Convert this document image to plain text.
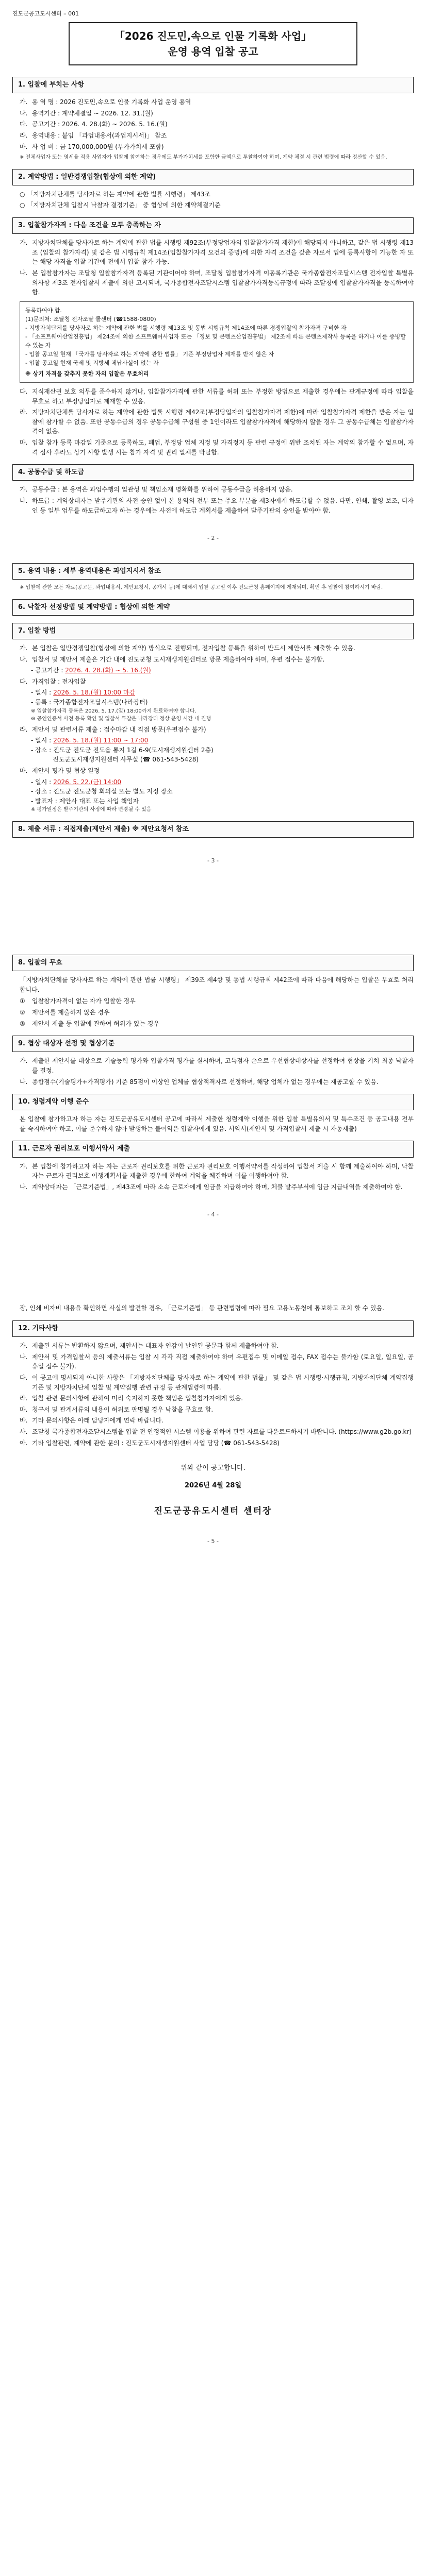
진도군공고도시센터 – 001
「2026 진도민,속으로 인물 기록화 사업」
운영 용역 입찰 공고
1. 입찰에 부치는 사항
가. 용 역 명 : 2026 진도민,속으로 인물 기록화 사업 운영 용역
나. 용역기간 : 계약체결일 ~ 2026. 12. 31.(월)
다. 공고기간 : 2026. 4. 28.(화) ~ 2026. 5. 16.(월)
라. 용역내용 : 붙임 「과업내용서(과업지시서)」 참조
마. 사 업 비 : 금 170,000,000원 (부가가치세 포함)
※ 전체사업자 또는 영세율 적용 사업자가 입찰에 참여하는 경우에도 부가가치세를 포함한 금액으로 투찰하여야 하며, 계약 체결 시 관련 법령에 따라 정산할 수 있음.
2. 계약방법 : 일반경쟁입찰(협상에 의한 계약)
○ 「지방자치단체를 당사자로 하는 계약에 관한 법률 시행령」 제43조
○ 「지방자치단체 입찰시 낙찰자 결정기준」 중 협상에 의한 계약체결기준
3. 입찰참가자격 : 다음 조건을 모두 충족하는 자
가. 지방자치단체를 당사자로 하는 계약에 관한 법률 시행령 제92조(부정당업자의 입찰참가자격 제한)에 해당되지 아니하고, 같은 법 시행령 제13조 (입찰의 참가자격) 및 같은 법 시행규칙 제14조(입찰참가자격 요건의 증명)에 의한 자격 조건을 갖춘 자로서 입에 등록사항이 기능한 자 또는 해당 자격을 입찰 기간에 전에서 입찰 참가 가능.
나. 본 입찰참가자는 조달청 입찰참가자격 등록된 기관이어야 하며, 조달청 입찰참가자격 이동록기관은 국가종합전자조달시스템 전자입찰 특별유의사항 제3조 전자입찰서 제출에 의한 고시되며, 국가종합전자조달시스템 입찰참가자격등록규정에 따라 조달청에 입찰참가자격을 등록하여야 함.
등록하여야 함.
(1)문의처: 조달청 전자조달 콜센터 (☎1588-0800)
- 지방자치단체를 당사자로 하는 계약에 관한 법률 시행령 제13조 및 동법 시행규칙 제14조에 따른 경쟁입찰의 참가자격 구비한 자
- 「소프트웨어산업진흥법」 제24조에 의한 소프트웨어사업자 또는 「정보 및 콘텐츠산업진흥법」 제2조에 따른 콘텐츠제작사 등록을 하거나 이를 증빙할 수 있는 자
- 입찰 공고일 현재 「국가를 당사자로 하는 계약에 관한 법률」 기준 부정당업자 제재를 받지 않은 자
- 입찰 공고일 현재 국세 및 지방세 체납사실이 없는 자
※ 상기 자격을 갖추지 못한 자의 입찰은 무효처리
다. 지식재산권 보호 의무를 준수하지 않거나, 입찰참가자격에 관한 서류를 허위 또는 부정한 방법으로 제출한 경우에는 관계규정에 따라 입찰을 무효로 하고 부정당업자로 제재할 수 있음.
라. 지방자치단체를 당사자로 하는 계약에 관한 법률 시행령 제42조(부정당업자의 입찰참가자격 제한)에 따라 입찰참가자격 제한을 받은 자는 입찰에 참가할 수 없음. 또한 공동수급의 경우 공동수급체 구성원 중 1인이라도 입찰참가자격에 해당하지 않을 경우 그 공동수급체는 입찰참가자격이 없음.
마. 입찰 참가 등록 마감일 기준으로 등록하도, 폐업, 부정당 업체 지정 및 자격정지 등 관련 규정에 위반 조치된 자는 계약의 참가할 수 없으며, 자격 심사 후라도 상기 사항 발생 시는 참가 자격 및 권리 일체를 박탈함.
4. 공동수급 및 하도급
가. 공동수급 : 본 용역은 과업수행의 일관성 및 책임소재 명확화를 위하여 공동수급을 허용하지 않음.
나. 하도급 : 계약상대자는 발주기관의 사전 승인 없이 본 용역의 전부 또는 주요 부분을 제3자에게 하도급할 수 없음. 다만, 인쇄, 촬영 보조, 디자인 등 일부 업무를 하도급하고자 하는 경우에는 사전에 하도급 계획서를 제출하여 발주기관의 승인을 받아야 함.
- 2 -
5. 용역 내용 : 세부 용역내용은 과업지시서 참조
※ 입찰에 관한 모든 자료(공고문, 과업내용서, 제안요청서, 공개서 등)에 대해서 입찰 공고일 이후 진도군청 홈페이지에 게재되며, 확인 후 입찰에 참여하시기 바람.
6. 낙찰자 선정방법 및 계약방법 : 협상에 의한 계약
7. 입찰 방법
가. 본 입찰은 일반경쟁입찰(협상에 의한 계약) 방식으로 진행되며, 전자입찰 등록을 위하여 반드시 제안서를 제출할 수 있음.
나. 입찰서 및 제안서 제출은 기간 내에 진도군청 도시재생지원센터로 방문 제출하여야 하며, 우편 접수는 불가함.
- 공고기간 : 2026. 4. 28.(화) ~ 5. 16.(월)
다. 가격입찰 : 전자입찰
- 일시 : 2026. 5. 18.(월) 10:00 마감
- 등록 : 국가종합전자조달시스템(나라장터)
※ 입찰참가자격 등록은 2026. 5. 17.(일) 18:00까지 완료하여야 합니다.
※ 공인인증서 사전 등록 확인 및 입찰서 투찰은 나라장터 정상 운영 시간 내 진행
라. 제안서 및 관련서류 제출 : 접수마감 내 직접 방문(우편접수 불가)
- 일시 : 2026. 5. 18.(월) 11:00 ~ 17:00
- 장소 : 진도군 진도군 진도읍 통지 1길 6-9(도시재생지원센터 2층)
진도군도시재생지원센터 사무실 (☎ 061-543-5428)
마. 제안서 평가 및 협상 일정
- 일시 : 2026. 5. 22.(금) 14:00
- 장소 : 진도군 진도군청 회의실 또는 별도 지정 장소
- 발표자 : 제안사 대표 또는 사업 책임자
※ 평가일정은 발주기관의 사정에 따라 변경될 수 있음
8. 제출 서류 : 직접제출(제안서 제출) ※ 제안요청서 참조
- 3 -
8. 입찰의 무효
「지방자치단체를 당사자로 하는 계약에 관한 법률 시행령」 제39조 제4항 및 동법 시행규칙 제42조에 따라 다음에 해당하는 입찰은 무효로 처리합니다.
①	입찰참가자격이 없는 자가 입찰한 경우
②	제안서를 제출하지 않은 경우
③	제안서 제출 등 입찰에 관하여 허위가 있는 경우
9. 협상 대상자 선정 및 협상기준
가. 제출한 제안서를 대상으로 기술능력 평가와 입찰가격 평가를 실시하며, 고득점자 순으로 우선협상대상자를 선정하여 협상을 거쳐 최종 낙찰자를 결정.
나. 종합점수(기술평가+가격평가) 기준 85점이 이상인 업체를 협상적격자로 선정하며, 해당 업체가 없는 경우에는 재공고할 수 있음.
10. 청렴계약 이행 준수
본 입찰에 참가하고자 하는 자는 진도군공유도시센터 공고에 따라서 제출한 청렴계약 이행을 위한 입찰 특별유의서 및 특수조건 등 공고내용 전부를 숙지하여야 하고, 이를 준수하지 않아 발생하는 불이익은 입찰자에게 있음. 서약서(제안서 및 가격입찰서 제출 시 자동제출)
11. 근로자 권리보호 이행서약서 제출
가. 본 입찰에 참가하고자 하는 자는 근로자 권리보호를 위한 근로자 권리보호 이행서약서를 작성하여 입찰서 제출 시 함께 제출하여야 하며, 낙찰자는 근로자 권리보호 이행계획서를 제출한 경우에 한하여 계약을 체결하며 이를 이행하여야 함.
나. 계약상대자는 「근로기준법」, 제43조에 따라 소속 근로자에게 임금을 지급하여야 하며, 체불 발주부서에 임금 지급내역을 제출하여야 함.
- 4 -
장, 인쇄 비자비 내용을 확인하면 사실의 발견할 경우, 「근로기준법」 등 관련법령에 따라 필요 고용노동청에 통보하고 조치 할 수 있음.
12. 기타사항
가. 제출된 서류는 반환하지 않으며, 제안서는 대표자 인감이 날인된 공문과 함께 제출하여야 함.
나. 제안서 및 가격입찰서 등의 제출서류는 입찰 시 각각 직접 제출하여야 하며 우편접수 및 이메일 접수, FAX 접수는 불가함 (토요일, 일요일, 공휴일 접수 불가).
다. 이 공고에 명시되지 아니한 사항은 「지방자치단체를 당사자로 하는 계약에 관한 법률」 및 같은 법 시행령·시행규칙, 지방자치단체 계약집행기준 및 지방자치단체 입찰 및 계약집행 관련 규정 등 관계법령에 따름.
라. 입찰 관련 문의사항에 관하여 미리 숙지하지 못한 책임은 입찰참가자에게 있음.
마. 청구서 및 관계서류의 내용이 허위로 판명될 경우 낙찰을 무효로 함.
바. 기타 문의사항은 아래 담당자에게 연락 바랍니다.
사. 조달청 국가종합전자조달시스템을 입찰 전 안정적인 시스템 이용을 위하여 관련 자료를 다운로드하시기 바랍니다. (https://www.g2b.go.kr)
아. 기타 입찰관련, 계약에 관한 문의 : 진도군도시재생지원센터 사업 담당 (☎ 061-543-5428)
위와 같이 공고합니다.
2026년 4월 28일
진도군공유도시센터 센터장
- 5 -
